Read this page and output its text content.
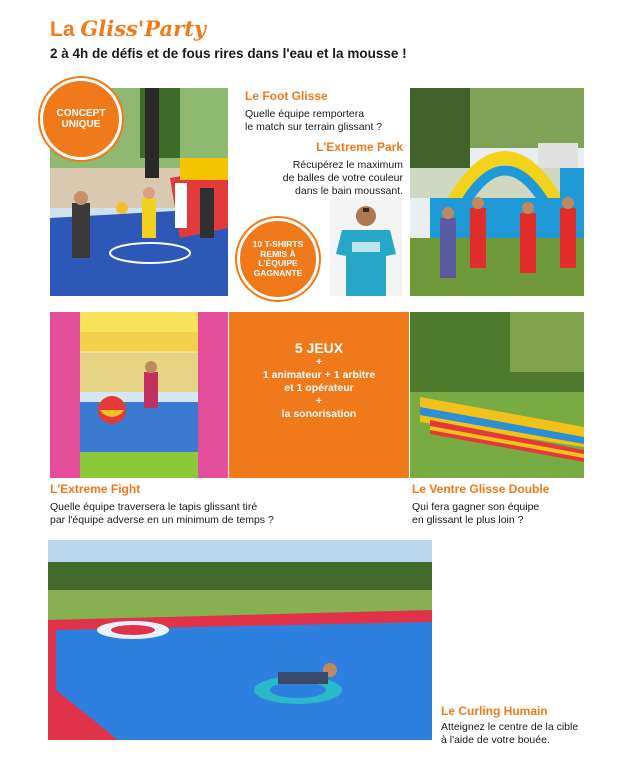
La Gliss'Party
2 à 4h de défis et de fous rires dans l'eau et la mousse !
CONCEPT UNIQUE
Le Foot Glisse
Quelle équipe remportera
le match sur terrain glissant ?
L'Extreme Park
Récupérez le maximum
de balles de votre couleur
dans le bain moussant.
10 T-SHIRTS REMIS À L'ÉQUIPE GAGNANTE
5 JEUX
+
1 animateur + 1 arbitre
et 1 opérateur
+
la sonorisation
L'Extreme Fight
Quelle équipe traversera le tapis glissant tiré
par l'équipe adverse en un minimum de temps ?
Le Ventre Glisse Double
Qui fera gagner son équipe
en glissant le plus loin ?
Le Curling Humain
Atteignez le centre de la cible
à l'aide de votre bouée.
